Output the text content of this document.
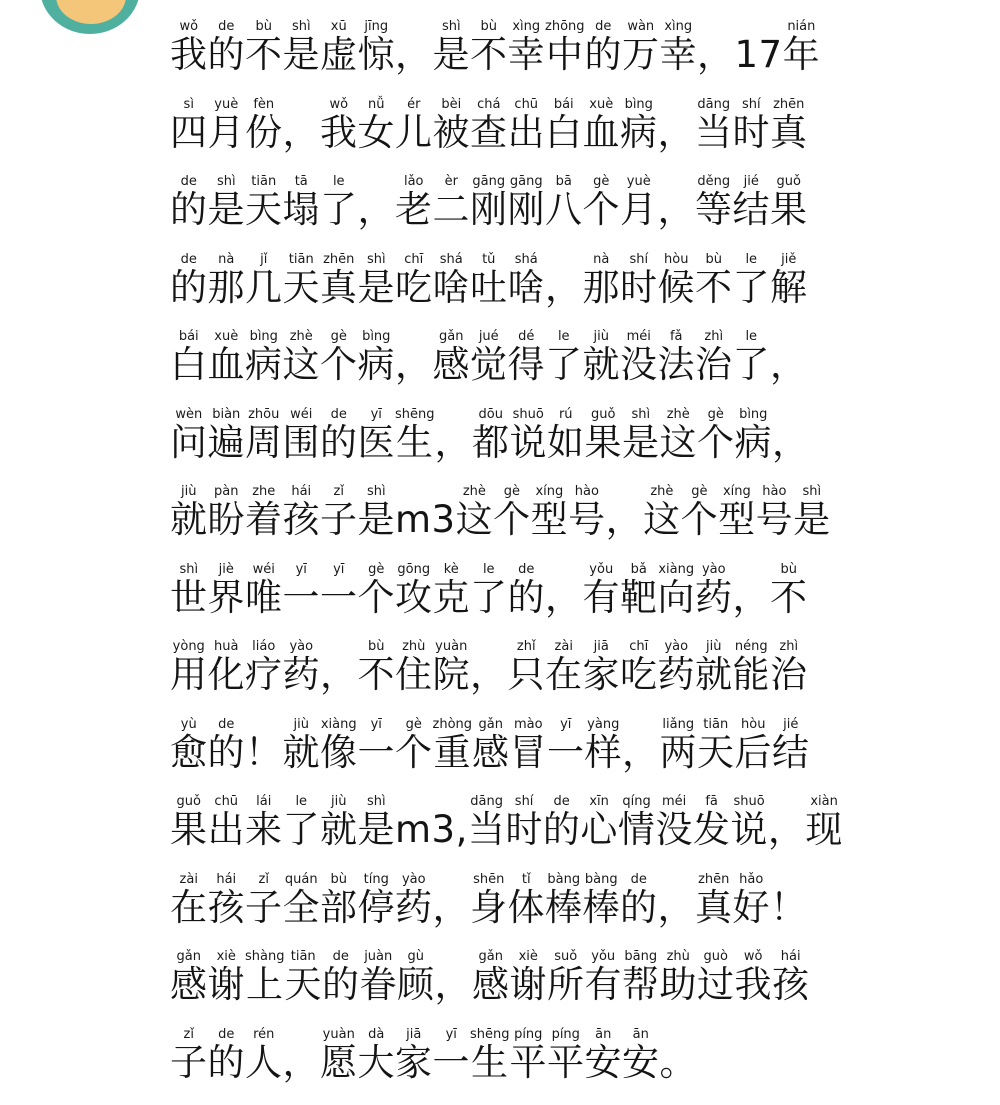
我wǒ的de不bù是shì虚xū惊jīng，是shì不bù幸xìng中zhōng的de万wàn幸xìng，17年nián

四sì月yuè份fèn，我wǒ女nǚ儿ér被bèi查chá出chū白bái血xuè病bìng，当dāng时shí真zhēn

的de是shì天tiān塌tā了le，老lǎo二èr刚gāng刚gāng八bā个gè月yuè，等děng结jié果guǒ

的de那nà几jǐ天tiān真zhēn是shì吃chī啥shá吐tǔ啥shá，那nà时shí候hòu不bù了le解jiě

白bái血xuè病bìng这zhè个gè病bìng，感gǎn觉jué得dé了le就jiù没méi法fǎ治zhì了le，

问wèn遍biàn周zhōu围wéi的de医yī生shēng，都dōu说shuō如rú果guǒ是shì这zhè个gè病bìng，

就jiù盼pàn着zhe孩hái子zǐ是shìm3这zhè个gè型xíng号hào，这zhè个gè型xíng号hào是shì

世shì界jiè唯wéi一yī一yī个gè攻gōng克kè了le的de，有yǒu靶bǎ向xiàng药yào，不bù

用yòng化huà疗liáo药yào，不bù住zhù院yuàn，只zhǐ在zài家jiā吃chī药yào就jiù能néng治zhì

愈yù的de！就jiù像xiàng一yī个gè重zhòng感gǎn冒mào一yī样yàng，两liǎng天tiān后hòu结jié

果guǒ出chū来lái了le就jiù是shìm3,当dāng时shí的de心xīn情qíng没méi发fā说shuō，现xiàn

在zài孩hái子zǐ全quán部bù停tíng药yào，身shēn体tǐ棒bàng棒bàng的de，真zhēn好hǎo！

感gǎn谢xiè上shàng天tiān的de眷juàn顾gù，感gǎn谢xiè所suǒ有yǒu帮bāng助zhù过guò我wǒ孩hái

子zǐ的de人rén，愿yuàn大dà家jiā一yī生shēng平píng平píng安ān安ān。
